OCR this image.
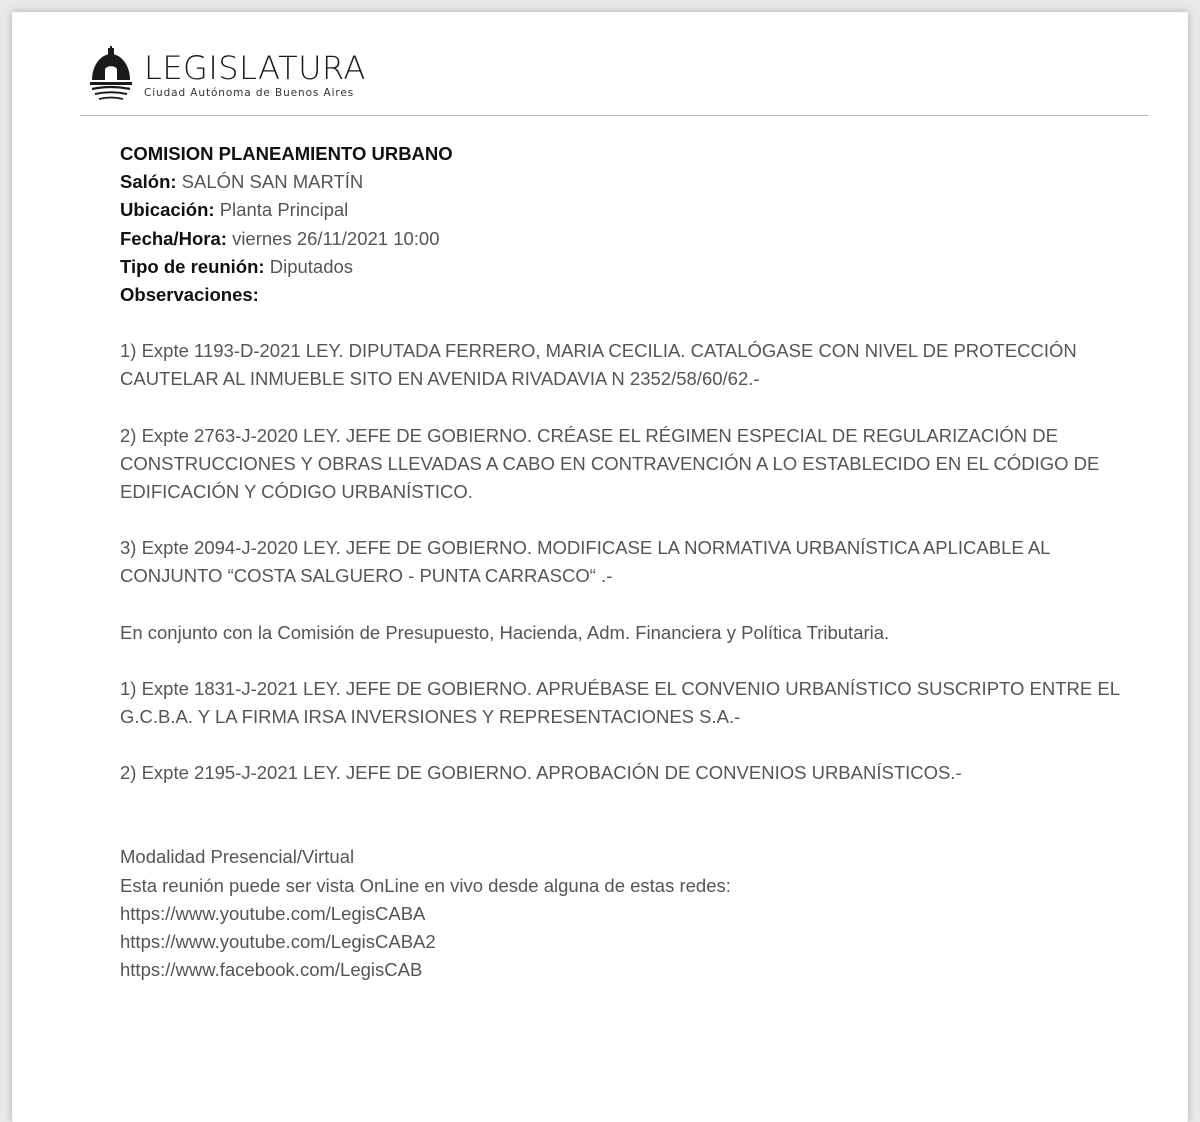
LEGISLATURA
Ciudad Autónoma de Buenos Aires

COMISION PLANEAMIENTO URBANO

Salón: SALÓN SAN MARTÍN

Ubicación: Planta Principal

Fecha/Hora: viernes 26/11/2021 10:00

Tipo de reunión: Diputados

Observaciones:

1) Expte 1193-D-2021 LEY. DIPUTADA FERRERO, MARIA CECILIA. CATALÓGASE CON NIVEL DE PROTECCIÓN CAUTELAR AL INMUEBLE SITO EN AVENIDA RIVADAVIA N 2352/58/60/62.-

2) Expte 2763-J-2020 LEY. JEFE DE GOBIERNO. CRÉASE EL RÉGIMEN ESPECIAL DE REGULARIZACIÓN DE CONSTRUCCIONES Y OBRAS LLEVADAS A CABO EN CONTRAVENCIÓN A LO ESTABLECIDO EN EL CÓDIGO DE EDIFICACIÓN Y CÓDIGO URBANÍSTICO.

3) Expte 2094-J-2020 LEY. JEFE DE GOBIERNO. MODIFICASE LA NORMATIVA URBANÍSTICA APLICABLE AL CONJUNTO “COSTA SALGUERO - PUNTA CARRASCO“ .-

En conjunto con la Comisión de Presupuesto, Hacienda, Adm. Financiera y Política Tributaria.

1) Expte 1831-J-2021 LEY. JEFE DE GOBIERNO. APRUÉBASE EL CONVENIO URBANÍSTICO SUSCRIPTO ENTRE EL G.C.B.A. Y LA FIRMA IRSA INVERSIONES Y REPRESENTACIONES S.A.-

2) Expte 2195-J-2021 LEY. JEFE DE GOBIERNO. APROBACIÓN DE CONVENIOS URBANÍSTICOS.-

Modalidad Presencial/Virtual

Esta reunión puede ser vista OnLine en vivo desde alguna de estas redes:

https://www.youtube.com/LegisCABA
https://www.youtube.com/LegisCABA2
https://www.facebook.com/LegisCAB
